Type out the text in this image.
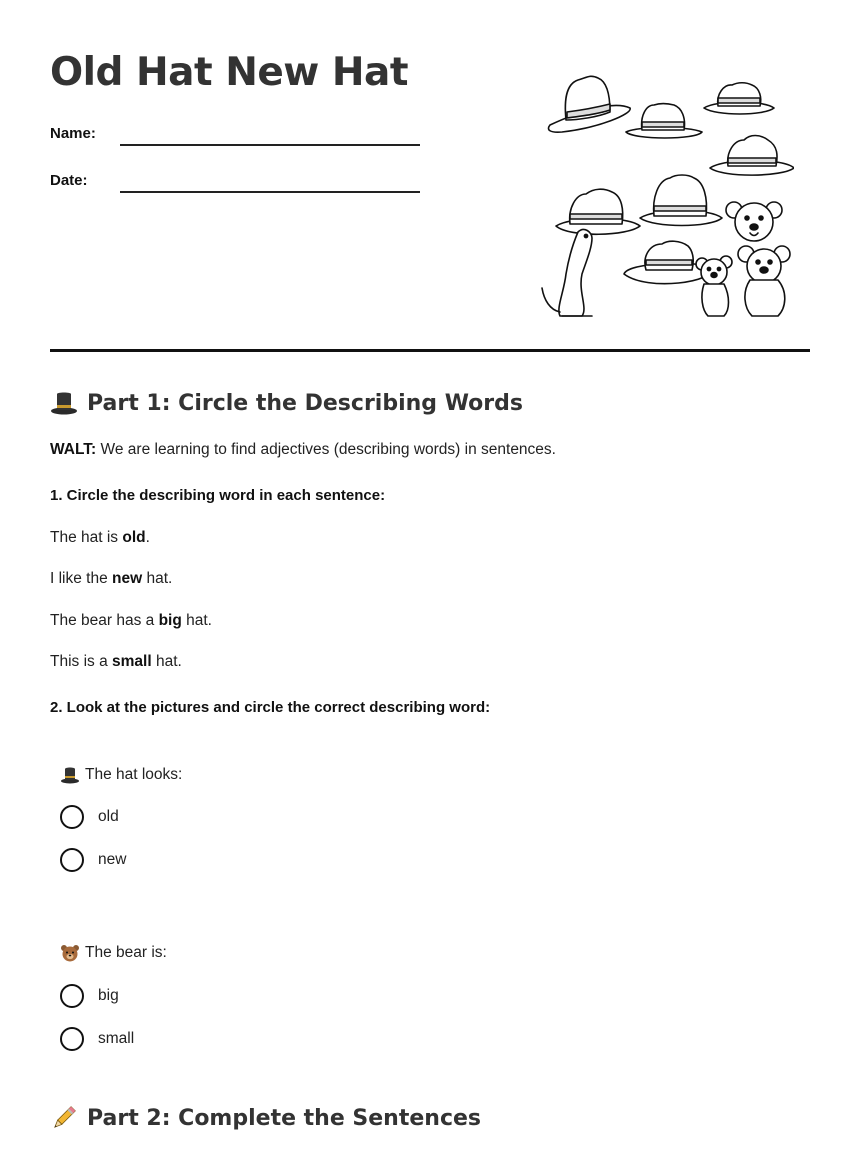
Old Hat New Hat
Name:
Date:
Part 1: Circle the Describing Words
WALT: We are learning to find adjectives (describing words) in sentences.
1. Circle the describing word in each sentence:
The hat is old.
I like the new hat.
The bear has a big hat.
This is a small hat.
2. Look at the pictures and circle the correct describing word:
The hat looks:
old
new
The bear is:
big
small
Part 2: Complete the Sentences
